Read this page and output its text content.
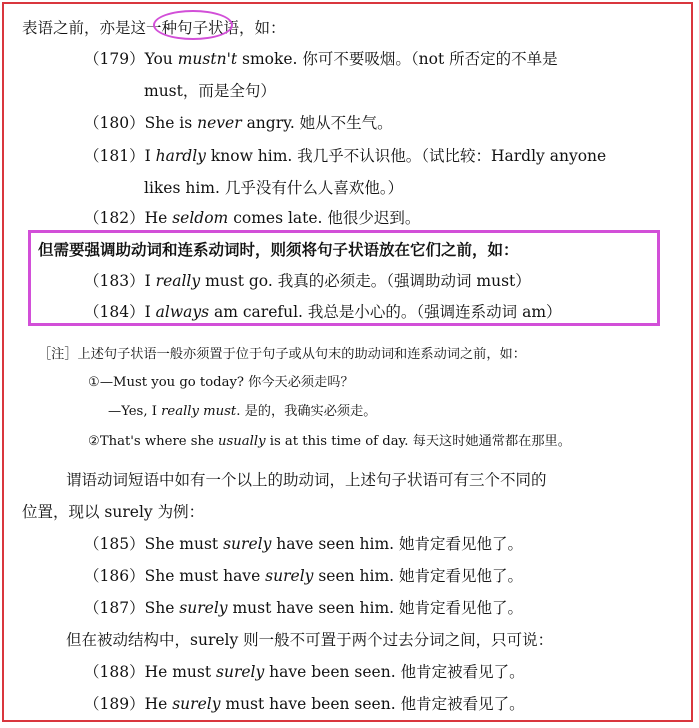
表语之前，亦是这一种句子状语，如：
（179）You mustn't smoke. 你可不要吸烟。（not 所否定的不单是
must，而是全句）
（180）She is never angry. 她从不生气。
（181）I hardly know him. 我几乎不认识他。（试比较：Hardly anyone
likes him. 几乎没有什么人喜欢他。）
（182）He seldom comes late. 他很少迟到。
但需要强调助动词和连系动词时，则须将句子状语放在它们之前，如：
（183）I really must go. 我真的必须走。（强调助动词 must）
（184）I always am careful. 我总是小心的。（强调连系动词 am）
［注］上述句子状语一般亦须置于位于句子或从句末的助动词和连系动词之前，如：
①—Must you go today? 你今天必须走吗？
—Yes, I really must. 是的，我确实必须走。
②That's where she usually is at this time of day. 每天这时她通常都在那里。
谓语动词短语中如有一个以上的助动词，上述句子状语可有三个不同的
位置，现以 surely 为例：
（185）She must surely have seen him. 她肯定看见他了。
（186）She must have surely seen him. 她肯定看见他了。
（187）She surely must have seen him. 她肯定看见他了。
但在被动结构中，surely 则一般不可置于两个过去分词之间，只可说：
（188）He must surely have been seen. 他肯定被看见了。
（189）He surely must have been seen. 他肯定被看见了。
